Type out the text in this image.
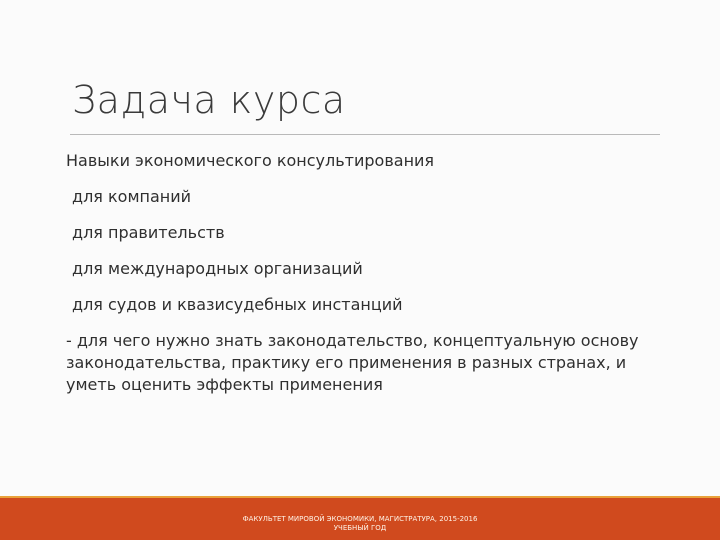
Задача курса

Навыки экономического консультирования

для компаний
для правительств
для международных организаций
для судов и квазисудебных инстанций

- для чего нужно знать законодательство, концептуальную основу законодательства, практику его применения в разных странах, и уметь оценить эффекты применения

ФАКУЛЬТЕТ МИРОВОЙ ЭКОНОМИКИ, МАГИСТРАТУРА, 2015-2016
УЧЕБНЫЙ ГОД
